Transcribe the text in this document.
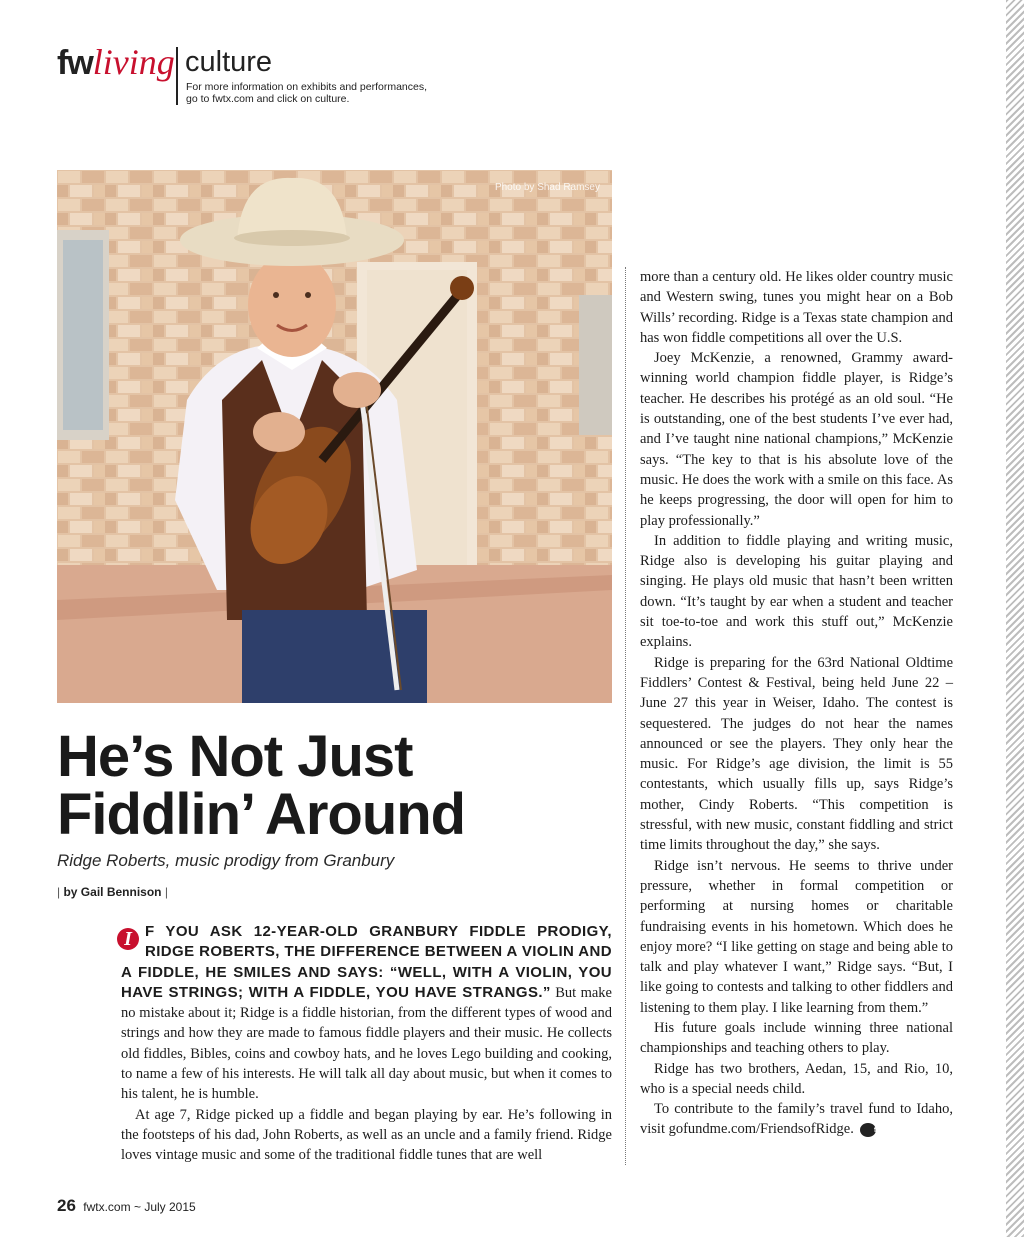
fwliving culture
For more information on exhibits and performances,
go to fwtx.com and click on culture.
Photo by Shad Ramsey
He’s Not Just
Fiddlin’ Around
Ridge Roberts, music prodigy from Granbury
| by Gail Bennison |

I F YOU ASK 12-YEAR-OLD GRANBURY FIDDLE PRODIGY, RIDGE ROBERTS, THE DIFFERENCE BETWEEN A VIOLIN AND A FIDDLE, HE SMILES AND SAYS: “WELL, WITH A VIOLIN, YOU HAVE STRINGS; WITH A FIDDLE, YOU HAVE STRANGS.” But make no mistake about it; Ridge is a fiddle historian, from the different types of wood and strings and how they are made to famous fiddle players and their music. He collects old fiddles, Bibles, coins and cowboy hats, and he loves Lego building and cooking, to name a few of his interests. He will talk all day about music, but when it comes to his talent, he is humble.

At age 7, Ridge picked up a fiddle and began playing by ear. He’s following in the footsteps of his dad, John Roberts, as well as an uncle and a family friend. Ridge loves vintage music and some of the traditional fiddle tunes that are well

more than a century old. He likes older country music and Western swing, tunes you might hear on a Bob Wills’ recording. Ridge is a Texas state champion and has won fiddle competitions all over the U.S.

Joey McKenzie, a renowned, Grammy award-winning world champion fiddle player, is Ridge’s teacher. He describes his protégé as an old soul. “He is outstanding, one of the best students I’ve ever had, and I’ve taught nine national champions,” McKenzie says. “The key to that is his absolute love of the music. He does the work with a smile on this face. As he keeps progressing, the door will open for him to play professionally.”

In addition to fiddle playing and writing music, Ridge also is developing his guitar playing and singing. He plays old music that hasn’t been written down. “It’s taught by ear when a student and teacher sit toe-to-toe and work this stuff out,” McKenzie explains.

Ridge is preparing for the 63rd National Oldtime Fiddlers’ Contest & Festival, being held June 22 – June 27 this year in Weiser, Idaho. The contest is sequestered. The judges do not hear the names announced or see the players. They only hear the music. For Ridge’s age division, the limit is 55 contestants, which usually fills up, says Ridge’s mother, Cindy Roberts. “This competition is stressful, with new music, constant fiddling and strict time limits throughout the day,” she says.

Ridge isn’t nervous. He seems to thrive under pressure, whether in formal competition or performing at nursing homes or charitable fundraising events in his hometown. Which does he enjoy more? “I like getting on stage and being able to talk and play whatever I want,” Ridge says. “But, I like going to contests and talking to other fiddlers and listening to them play. I like learning from them.”

His future goals include winning three national championships and teaching others to play.

Ridge has two brothers, Aedan, 15, and Rio, 10, who is a special needs child.

To contribute to the family’s travel fund to Idaho, visit gofundme.com/FriendsofRidge.	fw

26 fwtx.com ~ July 2015
